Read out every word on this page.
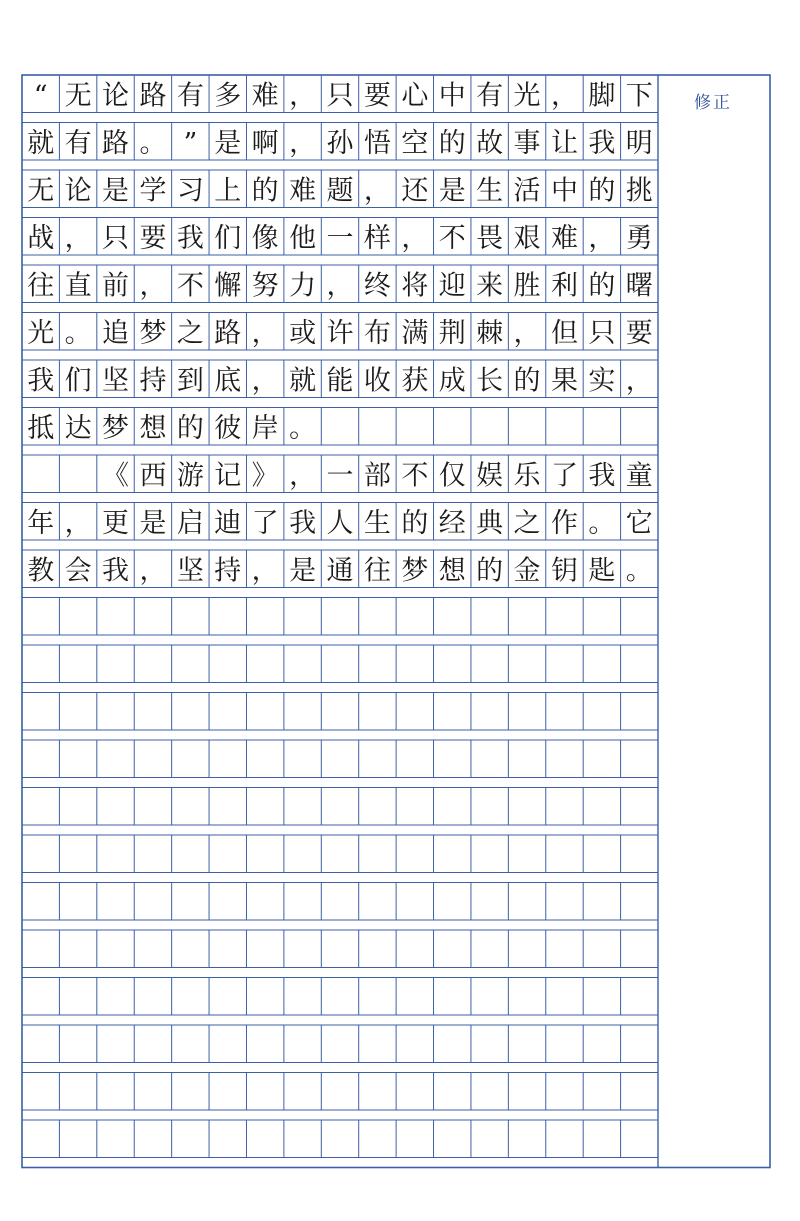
“ 无 论 路 有 多 难 ， 只 要 心 中 有 光 ， 脚 下
就 有 路 。 ” 是 啊 ， 孙 悟 空 的 故 事 让 我 明
无 论 是 学 习 上 的 难 题 ， 还 是 生 活 中 的 挑
战 ， 只 要 我 们 像 他 一 样 ， 不 畏 艰 难 ， 勇
往 直 前 ， 不 懈 努 力 ， 终 将 迎 来 胜 利 的 曙
光 。 追 梦 之 路 ， 或 许 布 满 荆 棘 ， 但 只 要
我 们 坚 持 到 底 ， 就 能 收 获 成 长 的 果 实 ，
抵 达 梦 想 的 彼 岸 。
《 西 游 记 》 ， 一 部 不 仅 娱 乐 了 我 童
年 ， 更 是 启 迪 了 我 人 生 的 经 典 之 作 。 它
教 会 我 ， 坚 持 ， 是 通 往 梦 想 的 金 钥 匙 。
修正
